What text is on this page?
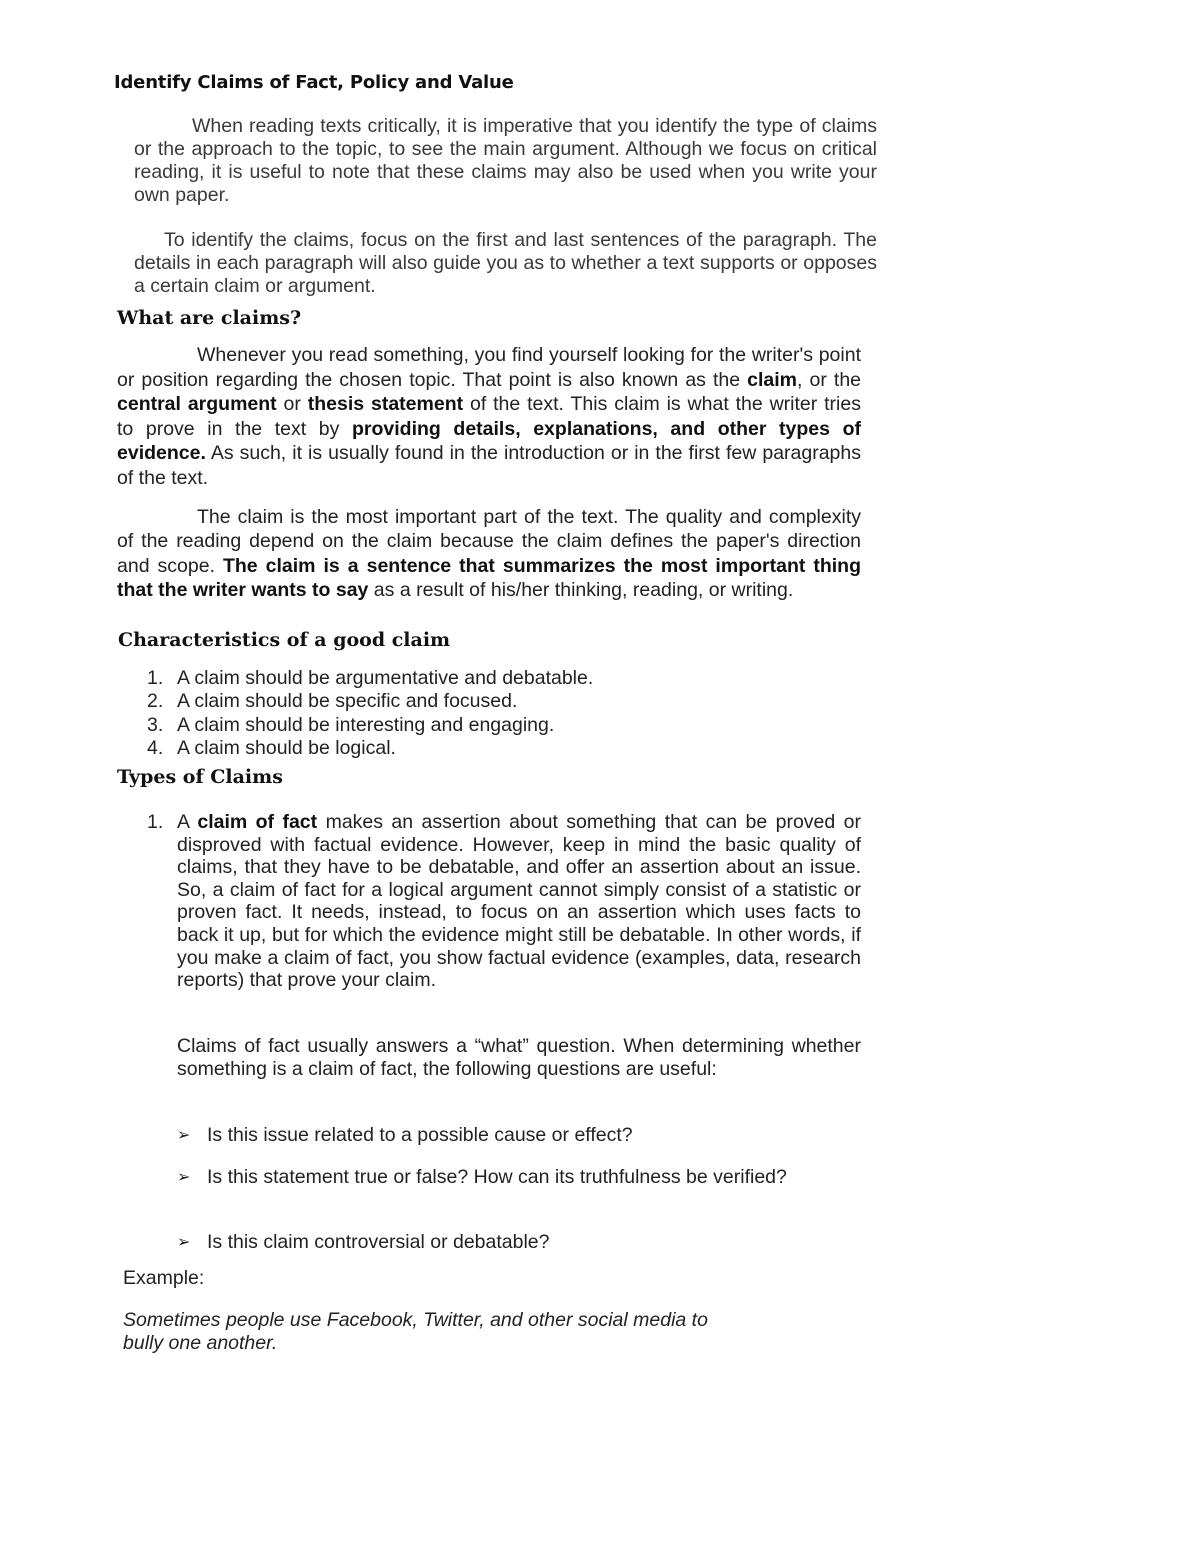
Identify Claims of Fact, Policy and Value

When reading texts critically, it is imperative that you identify the type of claims or the approach to the topic, to see the main argument. Although we focus on critical reading, it is useful to note that these claims may also be used when you write your own paper.

To identify the claims, focus on the first and last sentences of the paragraph. The details in each paragraph will also guide you as to whether a text supports or opposes a certain claim or argument.

What are claims?

Whenever you read something, you find yourself looking for the writer's point or position regarding the chosen topic. That point is also known as the claim, or the central argument or thesis statement of the text. This claim is what the writer tries to prove in the text by providing details, explanations, and other types of evidence. As such, it is usually found in the introduction or in the first few paragraphs of the text.

The claim is the most important part of the text. The quality and complexity of the reading depend on the claim because the claim defines the paper's direction and scope. The claim is a sentence that summarizes the most important thing that the writer wants to say as a result of his/her thinking, reading, or writing.

Characteristics of a good claim
1. A claim should be argumentative and debatable.
2. A claim should be specific and focused.
3. A claim should be interesting and engaging.
4. A claim should be logical.
Types of Claims
1. A claim of fact makes an assertion about something that can be proved or disproved with factual evidence. However, keep in mind the basic quality of claims, that they have to be debatable, and offer an assertion about an issue. So, a claim of fact for a logical argument cannot simply consist of a statistic or proven fact. It needs, instead, to focus on an assertion which uses facts to back it up, but for which the evidence might still be debatable. In other words, if you make a claim of fact, you show factual evidence (examples, data, research reports) that prove your claim.

Claims of fact usually answers a “what” question. When determining whether something is a claim of fact, the following questions are useful:

➢ Is this issue related to a possible cause or effect?

➢ Is this statement true or false? How can its truthfulness be verified?

➢ Is this claim controversial or debatable?

Example:

Sometimes people use Facebook, Twitter, and other social media to bully one another.
